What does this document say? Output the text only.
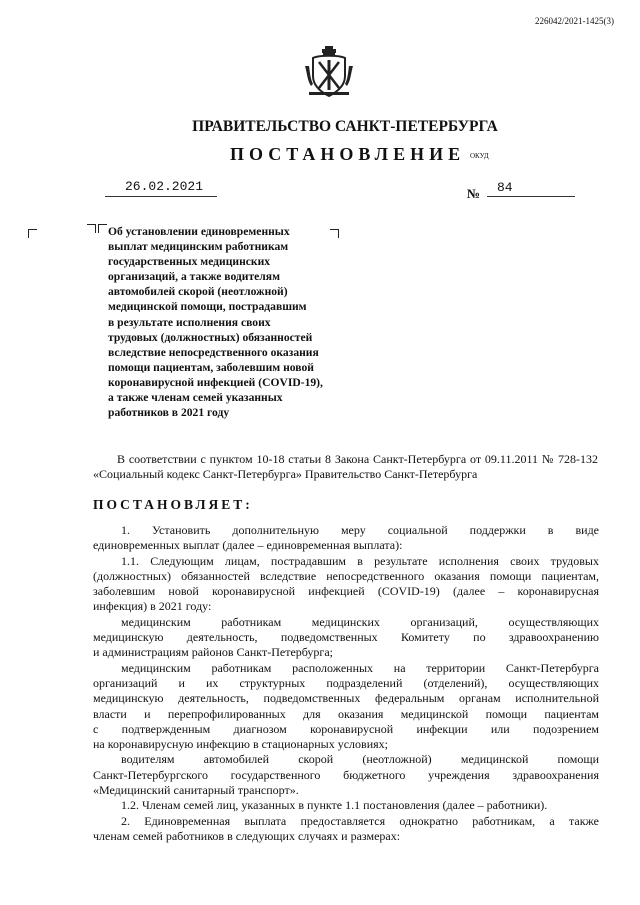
226042/2021-1425(3)
ПРАВИТЕЛЬСТВО САНКТ-ПЕТЕРБУРГА
ПОСТАНОВЛЕНИЕ ОКУД
26.02.2021	№ 84
Об установлении единовременных
выплат медицинским работникам
государственных медицинских
организаций, а также водителям
автомобилей скорой (неотложной)
медицинской помощи, пострадавшим
в результате исполнения своих
трудовых (должностных) обязанностей
вследствие непосредственного оказания
помощи пациентам, заболевшим новой
коронавирусной инфекцией (COVID-19),
а также членам семей указанных
работников в 2021 году
В соответствии с пунктом 10-18 статьи 8 Закона Санкт-Петербурга от 09.11.2011 № 728-132
«Социальный кодекс Санкт-Петербурга» Правительство Санкт-Петербурга
ПОСТАНОВЛЯЕТ:

1. Установить дополнительную меру социальной поддержки в виде

единовременных выплат (далее – единовременная выплата):

1.1. Следующим лицам, пострадавшим в результате исполнения своих трудовых

(должностных) обязанностей вследствие непосредственного оказания помощи пациентам,

заболевшим новой коронавирусной инфекцией (COVID-19) (далее – коронавирусная

инфекция) в 2021 году:

медицинским работникам медицинских организаций, осуществляющих

медицинскую деятельность, подведомственных Комитету по здравоохранению

и администрациям районов Санкт-Петербурга;

медицинским работникам расположенных на территории Санкт-Петербурга

организаций и их структурных подразделений (отделений), осуществляющих

медицинскую деятельность, подведомственных федеральным органам исполнительной

власти и перепрофилированных для оказания медицинской помощи пациентам

с подтвержденным диагнозом коронавирусной инфекции или подозрением

на коронавирусную инфекцию в стационарных условиях;

водителям автомобилей скорой (неотложной) медицинской помощи

Санкт-Петербургского государственного бюджетного учреждения здравоохранения

«Медицинский санитарный транспорт».

1.2. Членам семей лиц, указанных в пункте 1.1 постановления (далее – работники).

2. Единовременная выплата предоставляется однократно работникам, а также

членам семей работников в следующих случаях и размерах:
